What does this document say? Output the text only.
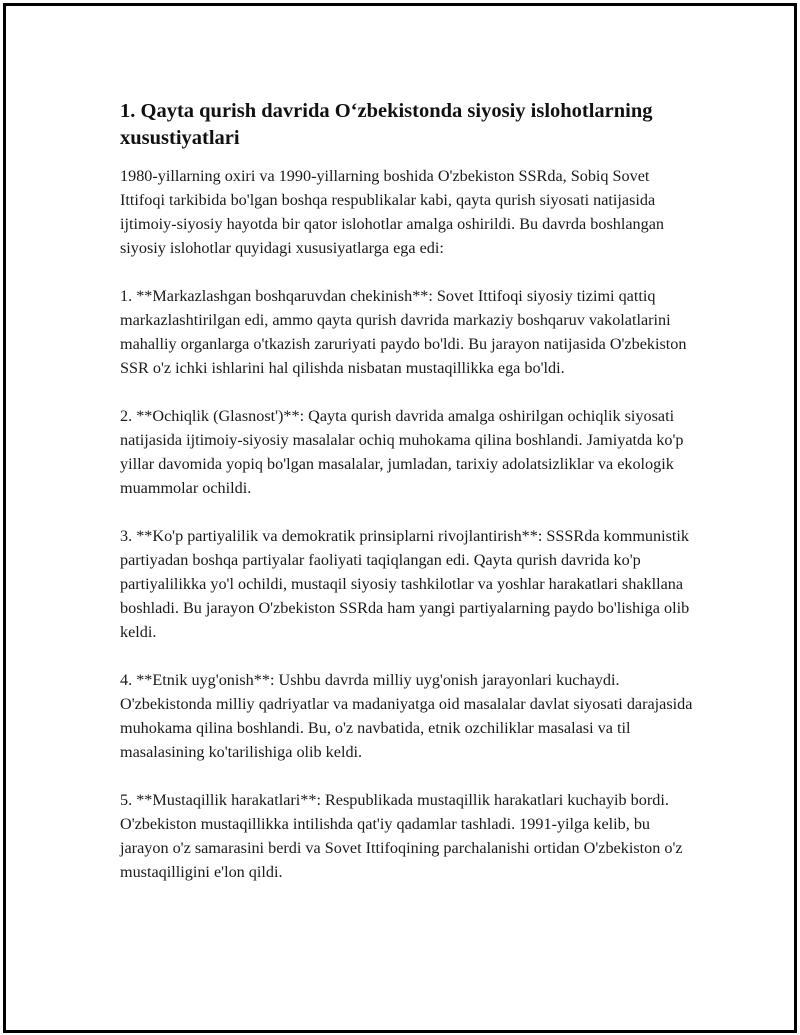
1. Qayta qurish davrida O‘zbekistonda siyosiy islohotlarning xusustiyatlari

1980-yillarning oxiri va 1990-yillarning boshida O'zbekiston SSRda, Sobiq Sovet Ittifoqi tarkibida bo'lgan boshqa respublikalar kabi, qayta qurish siyosati natijasida ijtimoiy-siyosiy hayotda bir qator islohotlar amalga oshirildi. Bu davrda boshlangan siyosiy islohotlar quyidagi xususiyatlarga ega edi:

1. **Markazlashgan boshqaruvdan chekinish**: Sovet Ittifoqi siyosiy tizimi qattiq markazlashtirilgan edi, ammo qayta qurish davrida markaziy boshqaruv vakolatlarini mahalliy organlarga o'tkazish zaruriyati paydo bo'ldi. Bu jarayon natijasida O'zbekiston SSR o'z ichki ishlarini hal qilishda nisbatan mustaqillikka ega bo'ldi.

2. **Ochiqlik (Glasnost')**: Qayta qurish davrida amalga oshirilgan ochiqlik siyosati natijasida ijtimoiy-siyosiy masalalar ochiq muhokama qilina boshlandi. Jamiyatda ko'p yillar davomida yopiq bo'lgan masalalar, jumladan, tarixiy adolatsizliklar va ekologik muammolar ochildi.

3. **Ko'p partiyalilik va demokratik prinsiplarni rivojlantirish**: SSSRda kommunistik partiyadan boshqa partiyalar faoliyati taqiqlangan edi. Qayta qurish davrida ko'p partiyalilikka yo'l ochildi, mustaqil siyosiy tashkilotlar va yoshlar harakatlari shakllana boshladi. Bu jarayon O'zbekiston SSRda ham yangi partiyalarning paydo bo'lishiga olib keldi.

4. **Etnik uyg'onish**: Ushbu davrda milliy uyg'onish jarayonlari kuchaydi. O'zbekistonda milliy qadriyatlar va madaniyatga oid masalalar davlat siyosati darajasida muhokama qilina boshlandi. Bu, o'z navbatida, etnik ozchiliklar masalasi va til masalasining ko'tarilishiga olib keldi.

5. **Mustaqillik harakatlari**: Respublikada mustaqillik harakatlari kuchayib bordi. O'zbekiston mustaqillikka intilishda qat'iy qadamlar tashladi. 1991-yilga kelib, bu jarayon o'z samarasini berdi va Sovet Ittifoqining parchalanishi ortidan O'zbekiston o'z mustaqilligini e'lon qildi.
